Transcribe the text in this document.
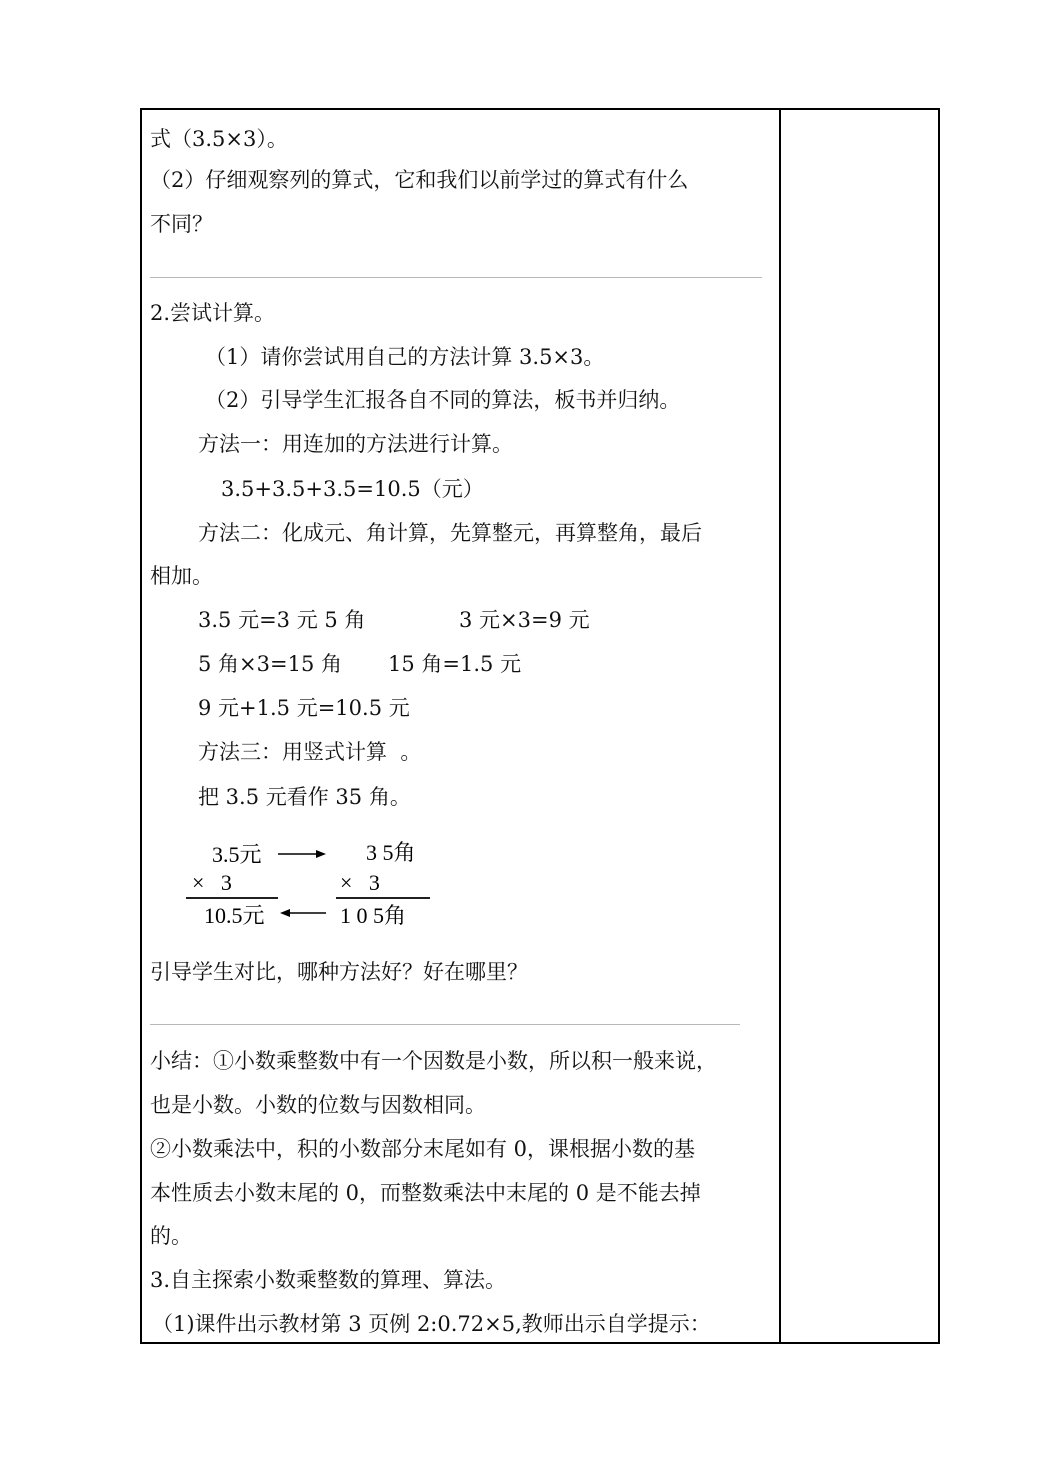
式（3.5×3）。
（2）仔细观察列的算式，它和我们以前学过的算式有什么
不同？
2.尝试计算。
（1）请你尝试用自己的方法计算 3.5×3。
（2）引导学生汇报各自不同的算法，板书并归纳。
方法一：用连加的方法进行计算。
3.5+3.5+3.5=10.5（元）
方法二：化成元、角计算，先算整元，再算整角，最后
相加。
3.5 元=3 元 5 角	3 元×3=9 元
5 角×3=15 角 15 角=1.5 元
9 元+1.5 元=10.5 元
方法三：用竖式计算  。
把 3.5 元看作 35 角。
3.5元	3 5角
×   3	×   3
10.5元	1 0 5角
引导学生对比，哪种方法好？好在哪里？
小结：①小数乘整数中有一个因数是小数，所以积一般来说，
也是小数。小数的位数与因数相同。
②小数乘法中，积的小数部分末尾如有 0，课根据小数的基
本性质去小数末尾的 0，而整数乘法中末尾的 0 是不能去掉
的。
3.自主探索小数乘整数的算理、算法。
（1)课件出示教材第 3 页例 2:0.72×5,教师出示自学提示：
